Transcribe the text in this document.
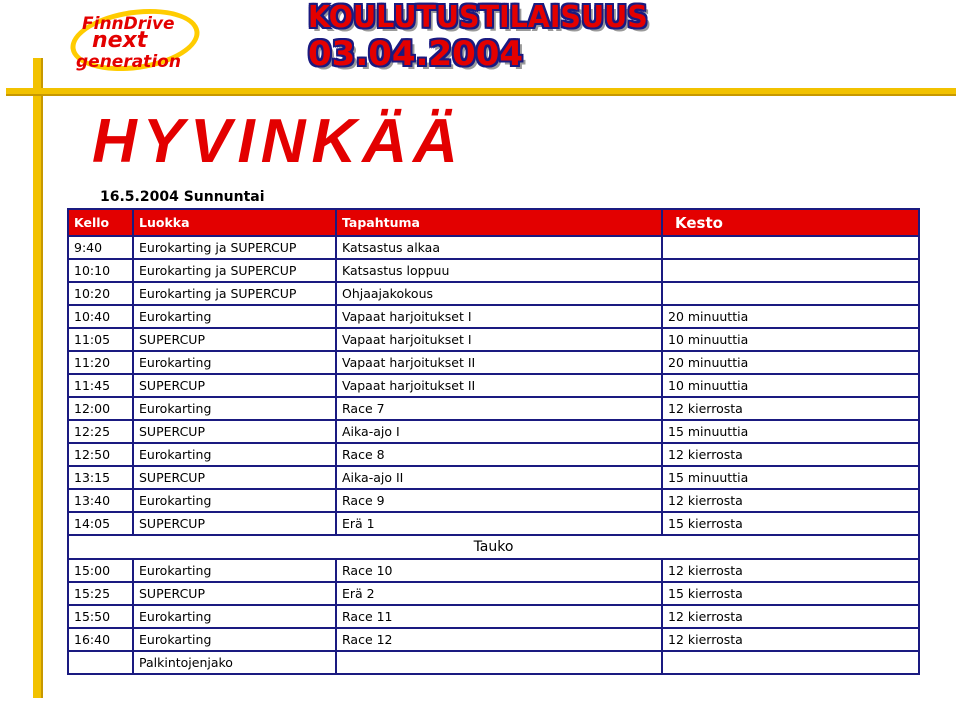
FinnDrive
next
generation
KOULUTUSTILAISUUS
03.04.2004
HYVINKÄÄ
16.5.2004 Sunnuntai
Kello	Luokka	Tapahtuma	Kesto
9:40	Eurokarting ja SUPERCUP	Katsastus alkaa	
10:10	Eurokarting ja SUPERCUP	Katsastus loppuu	
10:20	Eurokarting ja SUPERCUP	Ohjaajakokous	
10:40	Eurokarting	Vapaat harjoitukset I	20 minuuttia
11:05	SUPERCUP	Vapaat harjoitukset I	10 minuuttia
11:20	Eurokarting	Vapaat harjoitukset II	20 minuuttia
11:45	SUPERCUP	Vapaat harjoitukset II	10 minuuttia
12:00	Eurokarting	Race 7	12 kierrosta
12:25	SUPERCUP	Aika-ajo I	15 minuuttia
12:50	Eurokarting	Race 8	12 kierrosta
13:15	SUPERCUP	Aika-ajo II	15 minuuttia
13:40	Eurokarting	Race 9	12 kierrosta
14:05	SUPERCUP	Erä 1	15 kierrosta
Tauko			
15:00	Eurokarting	Race 10	12 kierrosta
15:25	SUPERCUP	Erä 2	15 kierrosta
15:50	Eurokarting	Race 11	12 kierrosta
16:40	Eurokarting	Race 12	12 kierrosta
	Palkintojenjako		
